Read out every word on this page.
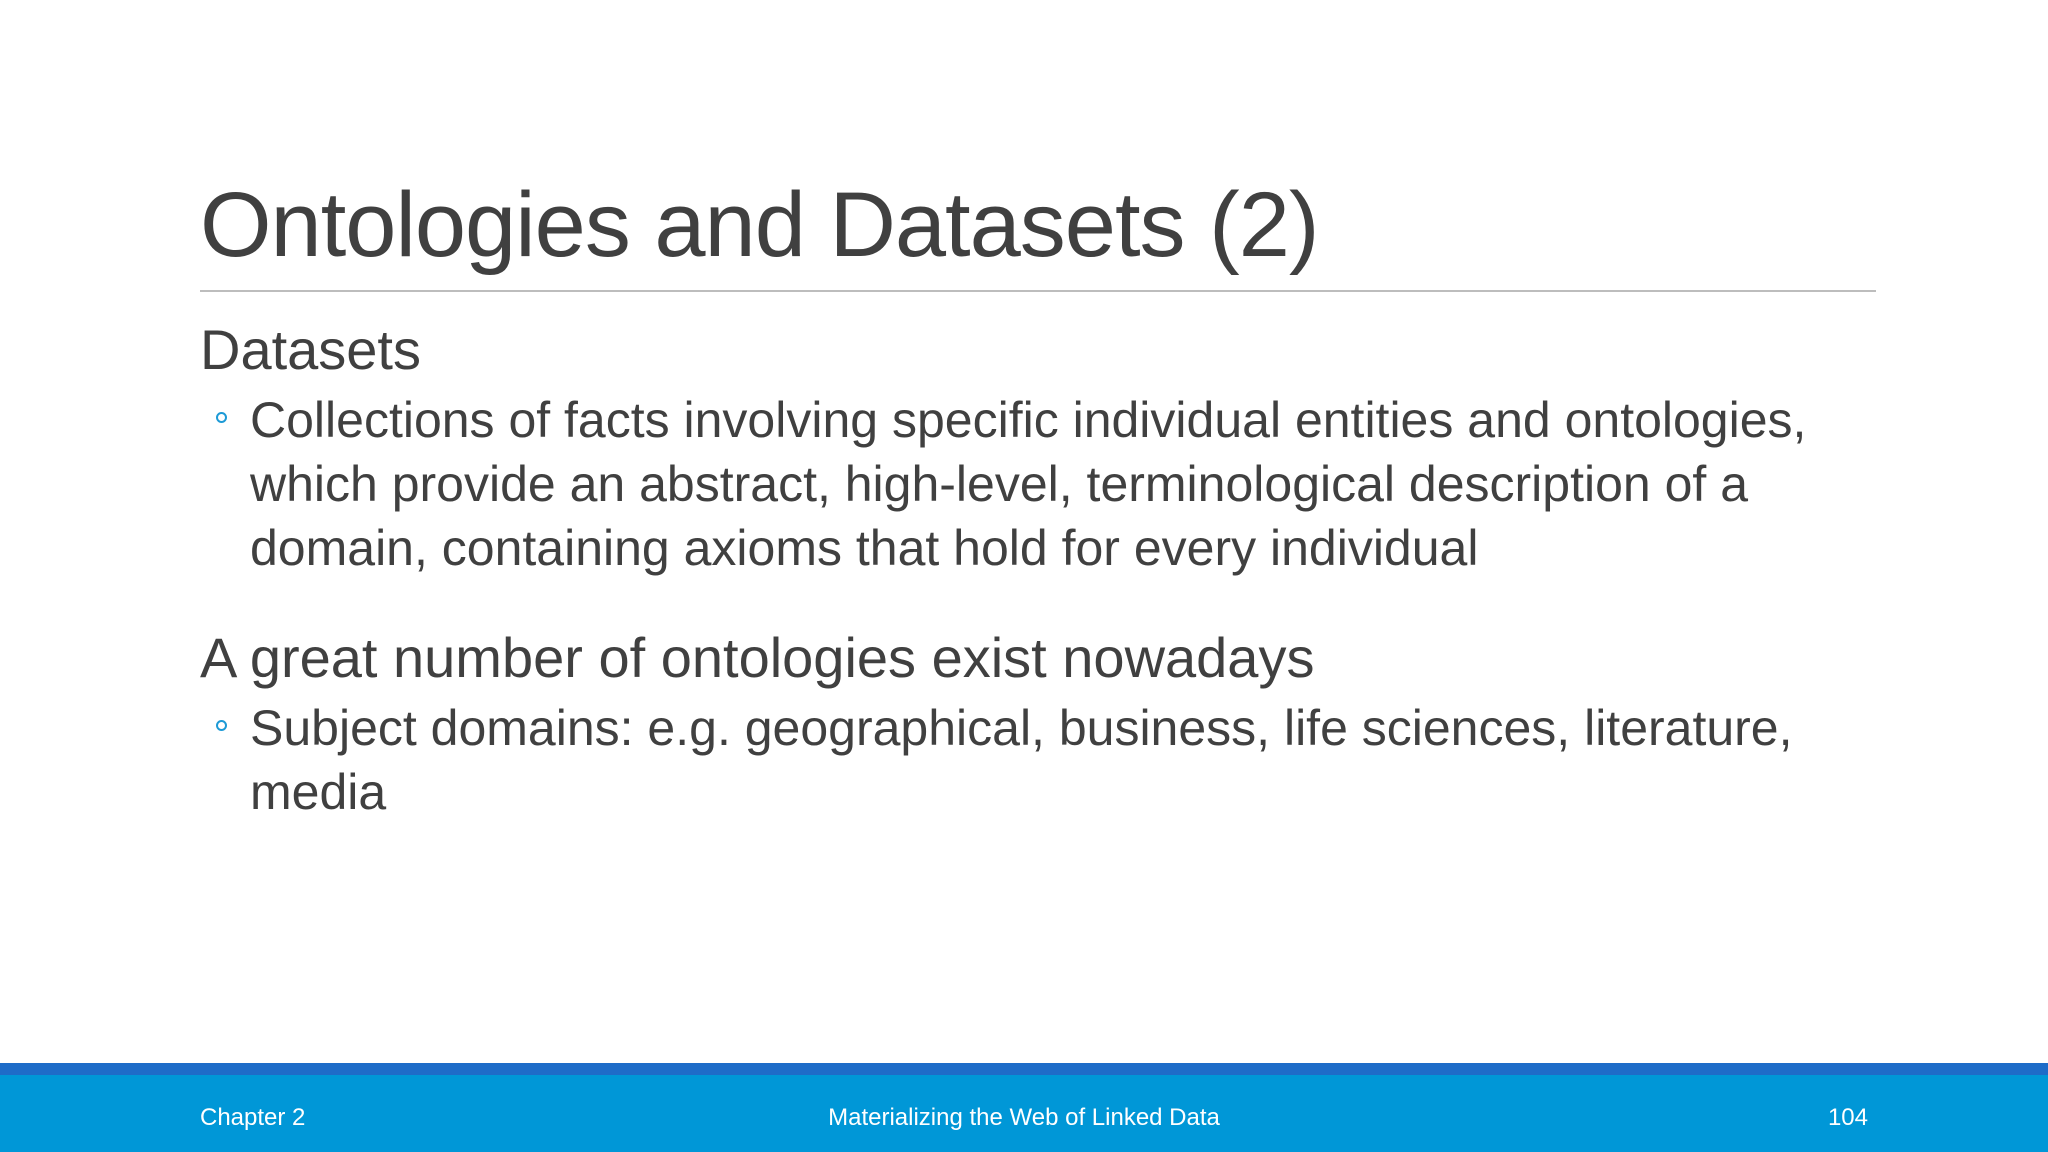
Ontologies and Datasets (2)

Datasets

Collections of facts involving specific individual entities and ontologies, which provide an abstract, high-level, terminological description of a domain, containing axioms that hold for every individual

A great number of ontologies exist nowadays

Subject domains: e.g. geographical, business, life sciences, literature, media
Chapter 2	Materializing the Web of Linked Data	104
